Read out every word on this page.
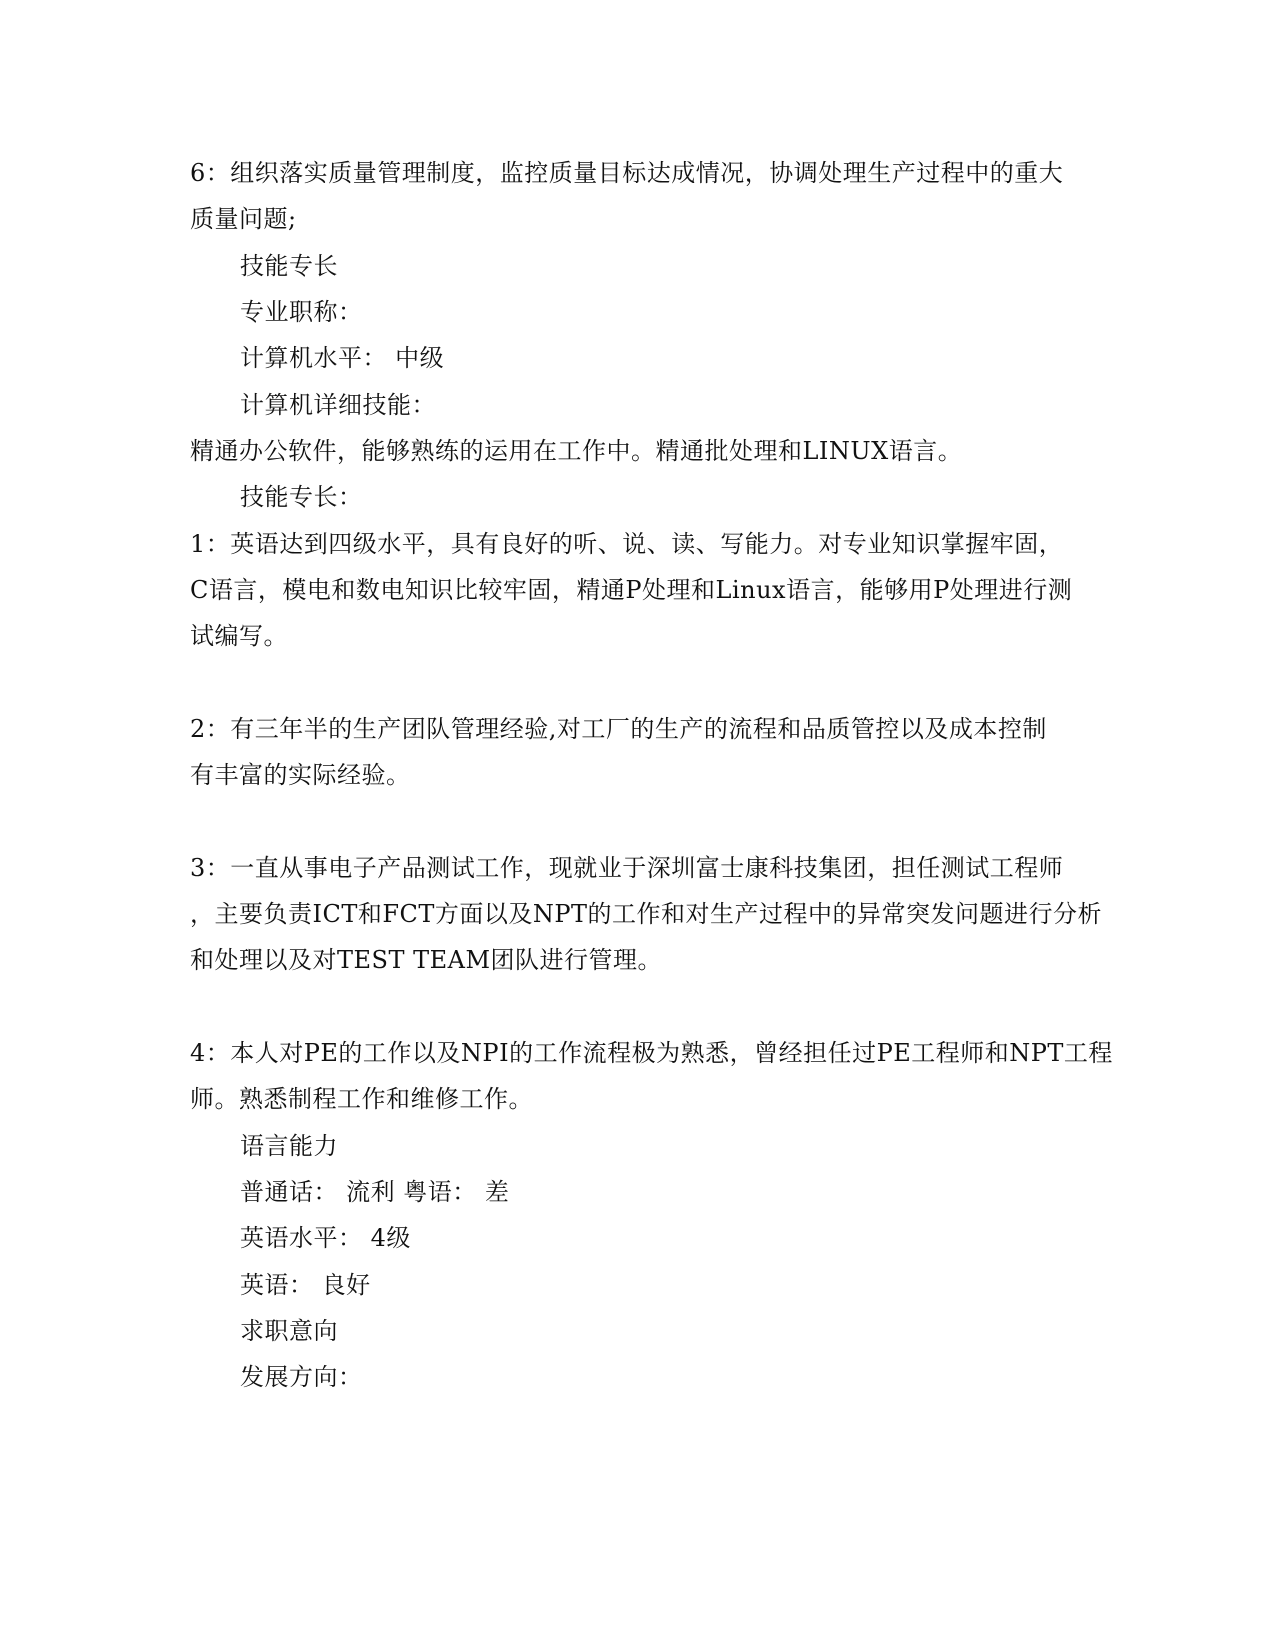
6：组织落实质量管理制度，监控质量目标达成情况，协调处理生产过程中的重大
质量问题;
技能专长
专业职称：
计算机水平： 中级
计算机详细技能：
精通办公软件，能够熟练的运用在工作中。精通批处理和LINUX语言。
技能专长：
1：英语达到四级水平，具有良好的听、说、读、写能力。对专业知识掌握牢固，
C语言，模电和数电知识比较牢固，精通P处理和Linux语言，能够用P处理进行测
试编写。
2：有三年半的生产团队管理经验,对工厂的生产的流程和品质管控以及成本控制
有丰富的实际经验。
3：一直从事电子产品测试工作，现就业于深圳富士康科技集团，担任测试工程师
，主要负责ICT和FCT方面以及NPT的工作和对生产过程中的异常突发问题进行分析
和处理以及对TEST TEAM团队进行管理。
4：本人对PE的工作以及NPI的工作流程极为熟悉，曾经担任过PE工程师和NPT工程
师。熟悉制程工作和维修工作。
语言能力
普通话： 流利 粤语： 差
英语水平： 4级
英语： 良好
求职意向
发展方向：
